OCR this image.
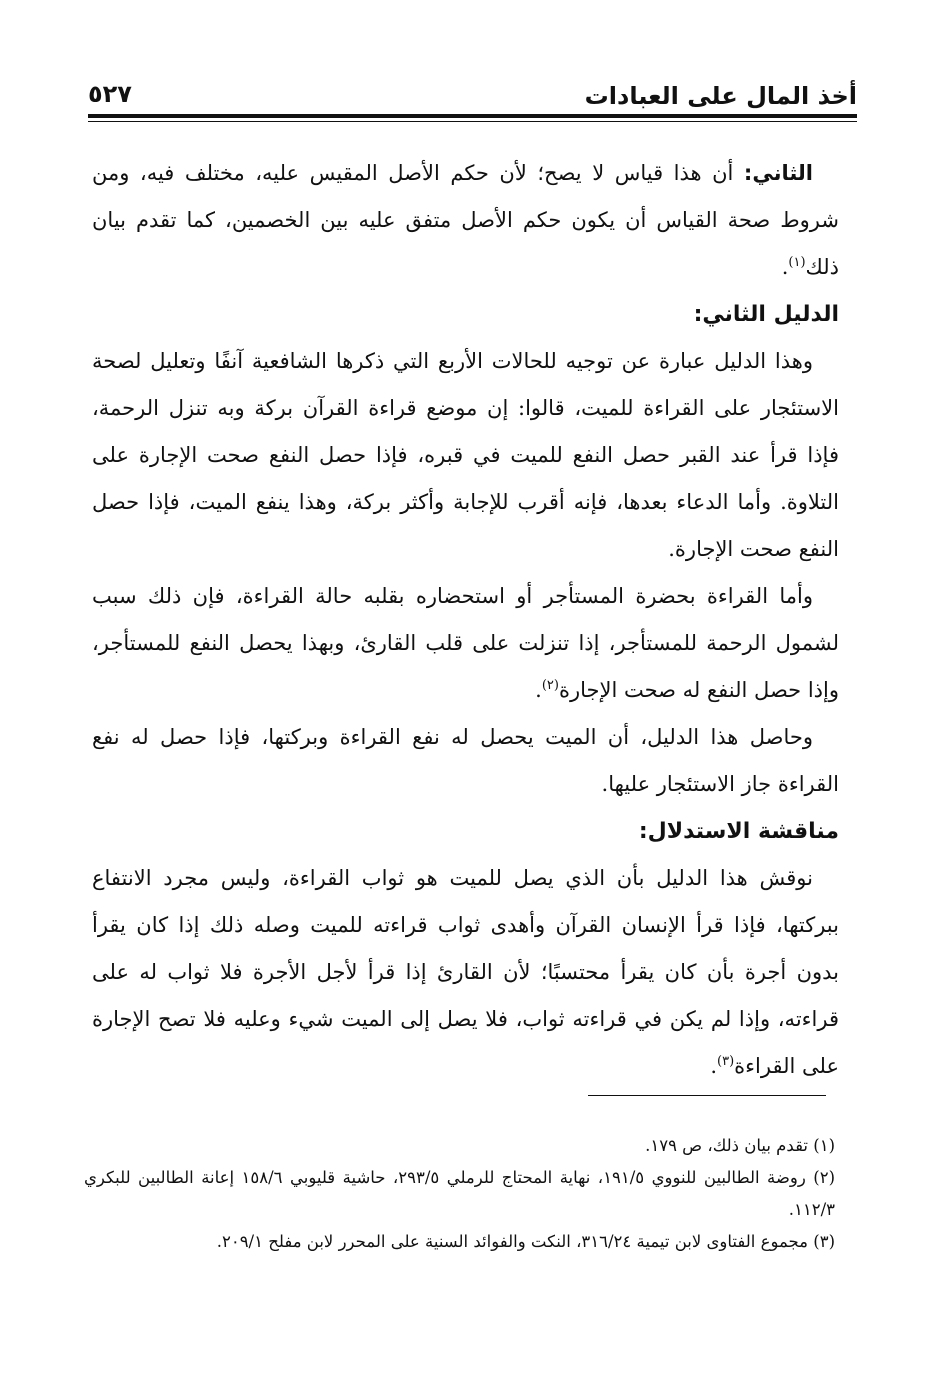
أخذ المال على العبادات
٥٢٧

الثاني: أن هذا قياس لا يصح؛ لأن حكم الأصل المقيس عليه، مختلف فيه، ومن شروط صحة القياس أن يكون حكم الأصل متفق عليه بين الخصمين، كما تقدم بيان ذلك$^{(١)}$.

الدليل الثاني:

وهذا الدليل عبارة عن توجيه للحالات الأربع التي ذكرها الشافعية آنفًا وتعليل لصحة الاستئجار على القراءة للميت، قالوا: إن موضع قراءة القرآن بركة وبه تنزل الرحمة، فإذا قرأ عند القبر حصل النفع للميت في قبره، فإذا حصل النفع صحت الإجارة على التلاوة. وأما الدعاء بعدها، فإنه أقرب للإجابة وأكثر بركة، وهذا ينفع الميت، فإذا حصل النفع صحت الإجارة.

وأما القراءة بحضرة المستأجر أو استحضاره بقلبه حالة القراءة، فإن ذلك سبب لشمول الرحمة للمستأجر، إذا تنزلت على قلب القارئ، وبهذا يحصل النفع للمستأجر، وإذا حصل النفع له صحت الإجارة$^{(٢)}$.

وحاصل هذا الدليل، أن الميت يحصل له نفع القراءة وبركتها، فإذا حصل له نفع القراءة جاز الاستئجار عليها.

مناقشة الاستدلال:

نوقش هذا الدليل بأن الذي يصل للميت هو ثواب القراءة، وليس مجرد الانتفاع ببركتها، فإذا قرأ الإنسان القرآن وأهدى ثواب قراءته للميت وصله ذلك إذا كان يقرأ بدون أجرة بأن كان يقرأ محتسبًا؛ لأن القارئ إذا قرأ لأجل الأجرة فلا ثواب له على قراءته، وإذا لم يكن في قراءته ثواب، فلا يصل إلى الميت شيء وعليه فلا تصح الإجارة على القراءة$^{(٣)}$.

(١) تقدم بيان ذلك، ص ١٧٩.

(٢) روضة الطالبين للنووي ١٩١/٥، نهاية المحتاج للرملي ٢٩٣/٥، حاشية قليوبي ١٥٨/٦ إعانة الطالبين للبكري ١١٢/٣.

(٣) مجموع الفتاوى لابن تيمية ٣١٦/٢٤، النكت والفوائد السنية على المحرر لابن مفلح ٢٠٩/١.
